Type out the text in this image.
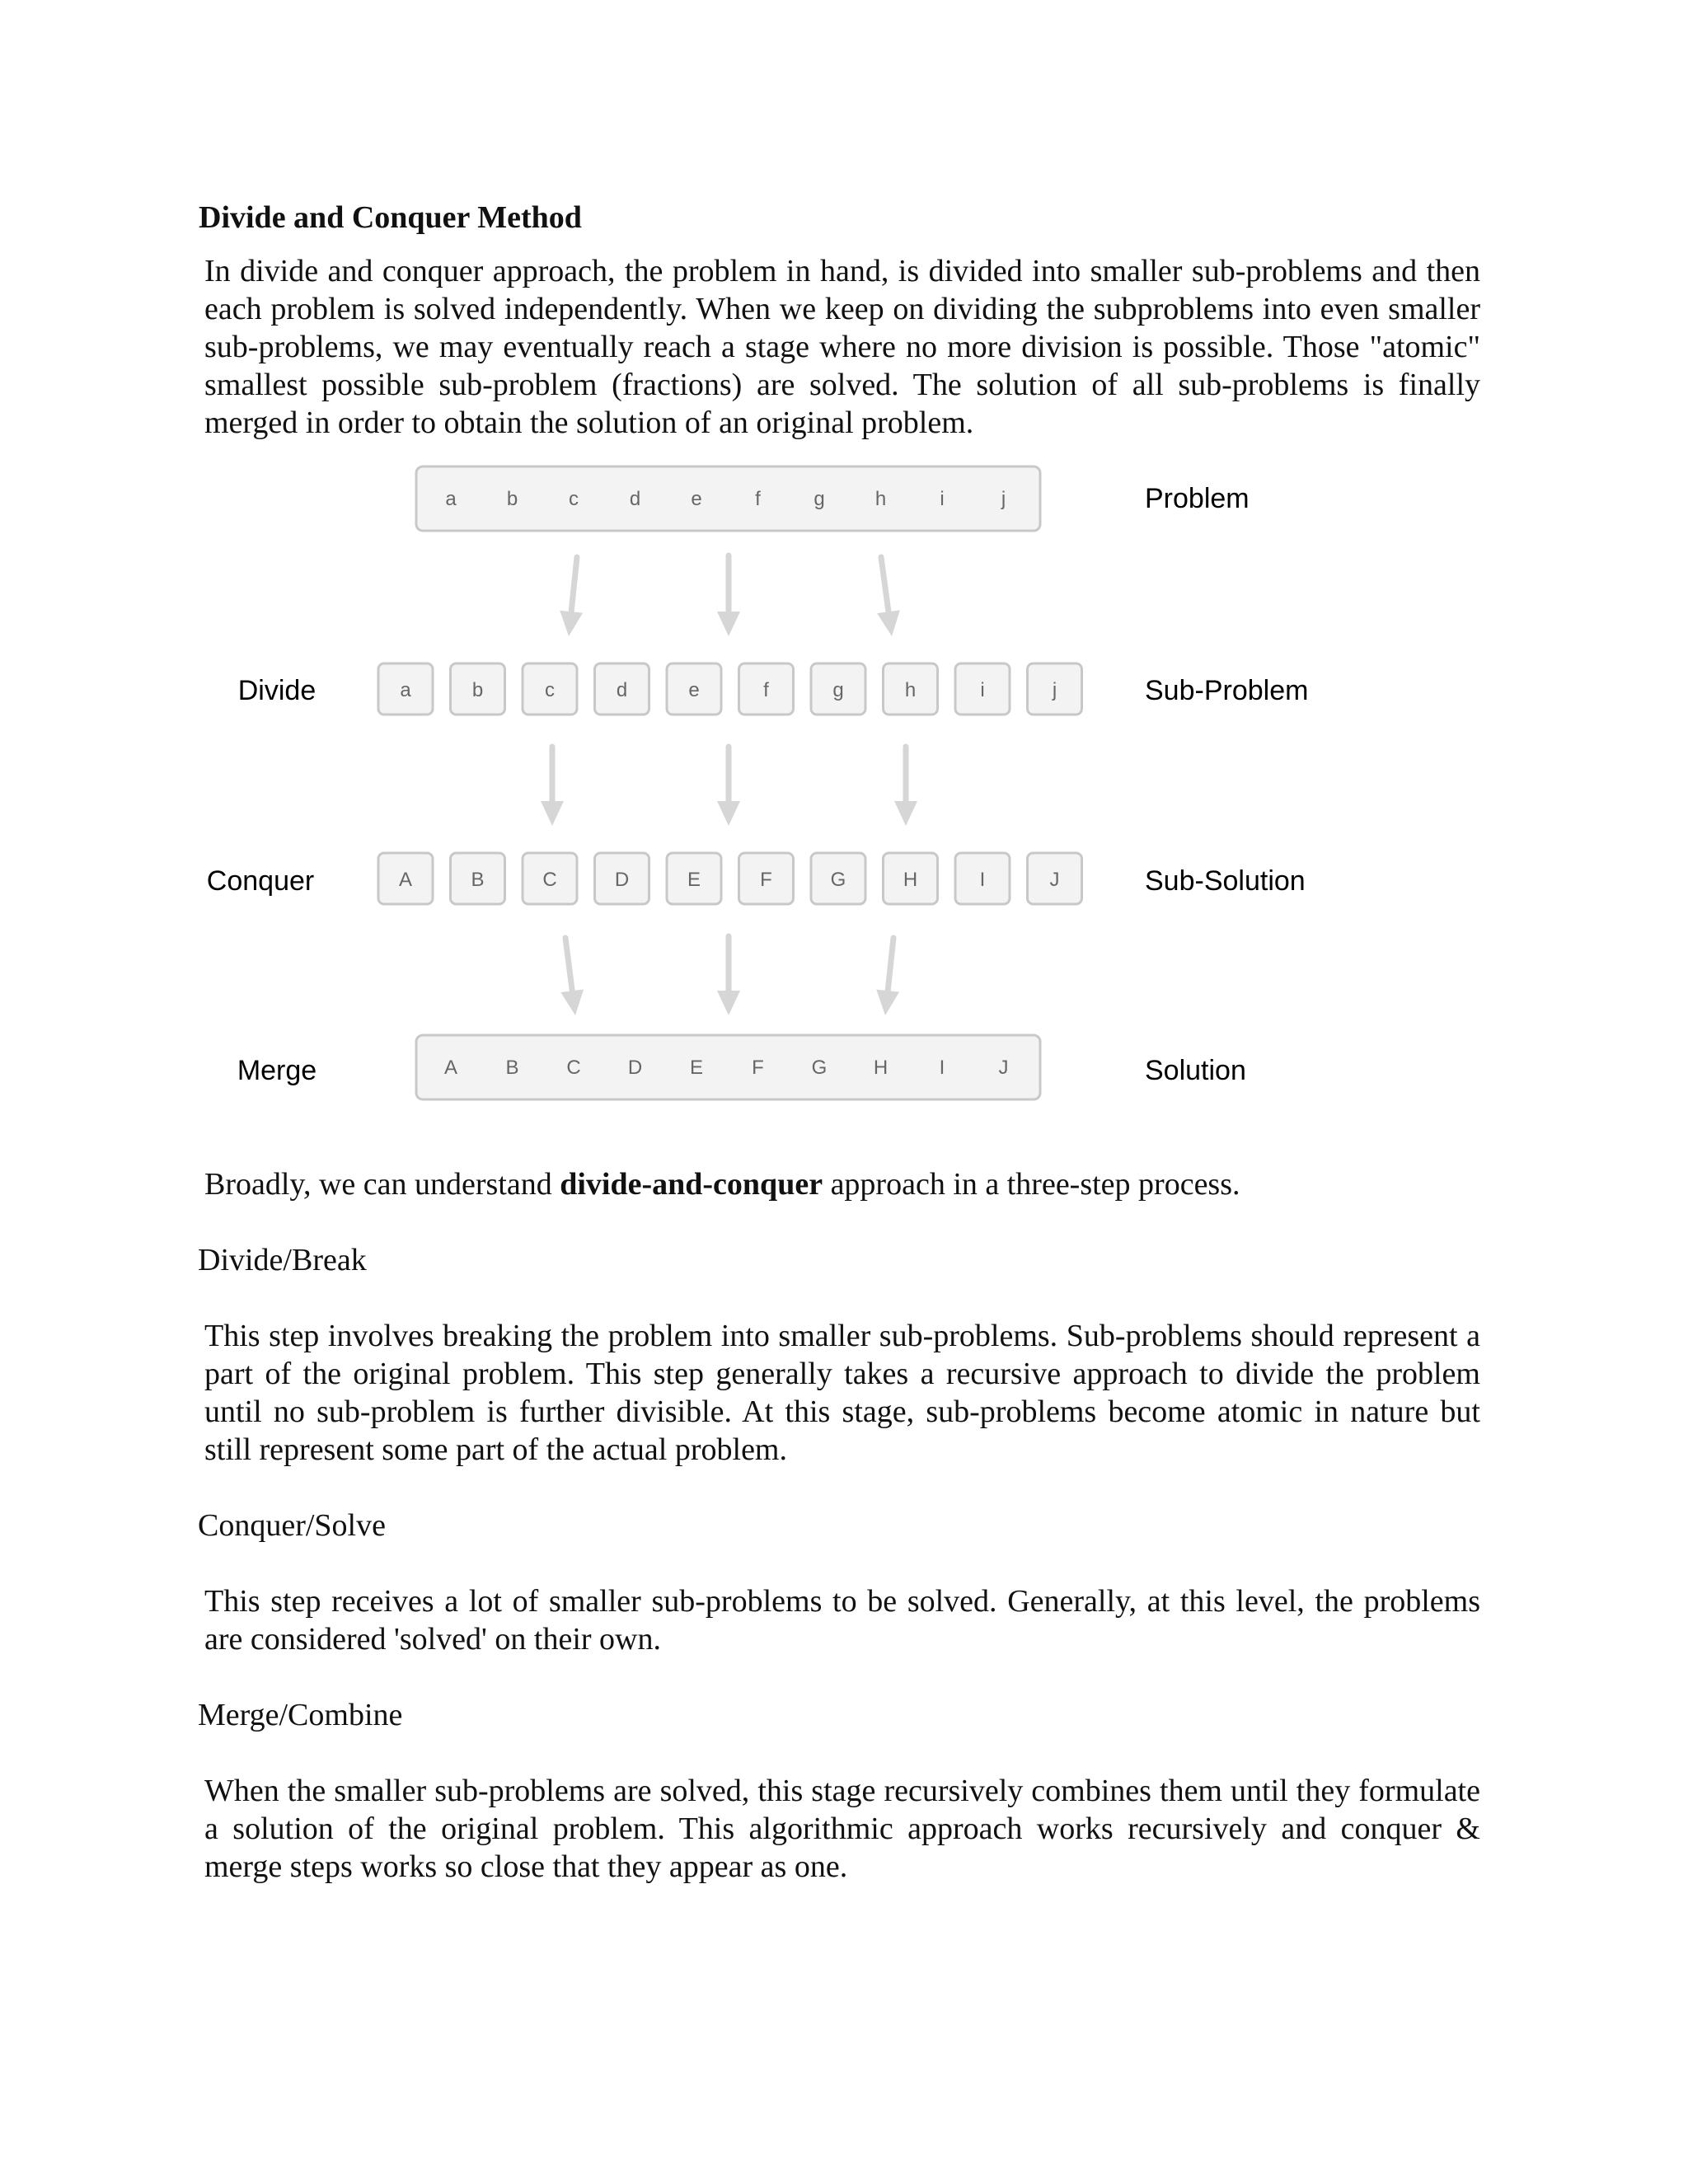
Divide and Conquer Method

In divide and conquer approach, the problem in hand, is divided into smaller sub-problems and then each problem is solved independently. When we keep on dividing the subproblems into even smaller sub-problems, we may eventually reach a stage where no more division is possible. Those "atomic" smallest possible sub-problem (fractions) are solved. The solution of all sub-problems is finally merged in order to obtain the solution of an original problem.

a	b	c	d	e	f	g	h	i	j
A	B	C	D	E	F	G	H	I	J
a	b	c	d	e	f	g	h	i	j
A B C D E F G H	I	J
Divide
Conquer
Merge
Problem
Sub-Problem
Sub-Solution
Solution

Broadly, we can understand divide-and-conquer approach in a three-step process.

Divide/Break

This step involves breaking the problem into smaller sub-problems. Sub-problems should represent a part of the original problem. This step generally takes a recursive approach to divide the problem until no sub-problem is further divisible. At this stage, sub-problems become atomic in nature but still represent some part of the actual problem.

Conquer/Solve

This step receives a lot of smaller sub-problems to be solved. Generally, at this level, the problems are considered 'solved' on their own.

Merge/Combine

When the smaller sub-problems are solved, this stage recursively combines them until they formulate a solution of the original problem. This algorithmic approach works recursively and conquer & merge steps works so close that they appear as one.
